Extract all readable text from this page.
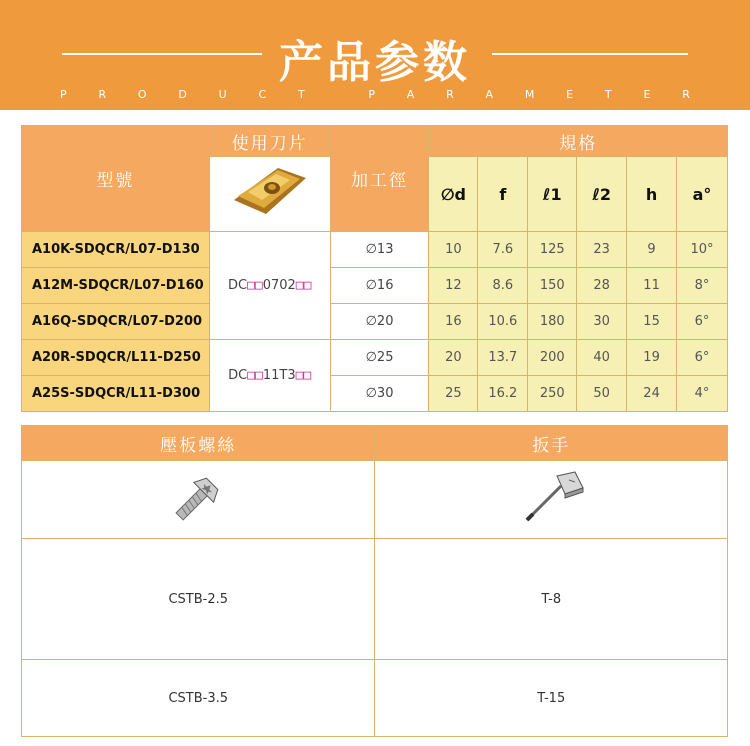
产品参数
P	R	O	D	U	C	T	P	A	R	A	M	E	T	E	R
型號	使用刀片	加工徑	規格					
	∅d	f	ℓ1	ℓ2	h	a°
A10K-SDQCR/L07-D130	DC□□0702□□	∅13	10	7.6	125	23	9	10°
A12M-SDQCR/L07-D160		∅16	12	8.6	150	28	11	8°
A16Q-SDQCR/L07-D200		∅20	16	10.6	180	30	15	6°
A20R-SDQCR/L11-D250	DC□□11T3□□	∅25	20	13.7	200	40	19	6°
A25S-SDQCR/L11-D300		∅30	25	16.2	250	50	24	4°
壓板螺絲	扳手

CSTB-2.5	T-8
CSTB-3.5	T-15
